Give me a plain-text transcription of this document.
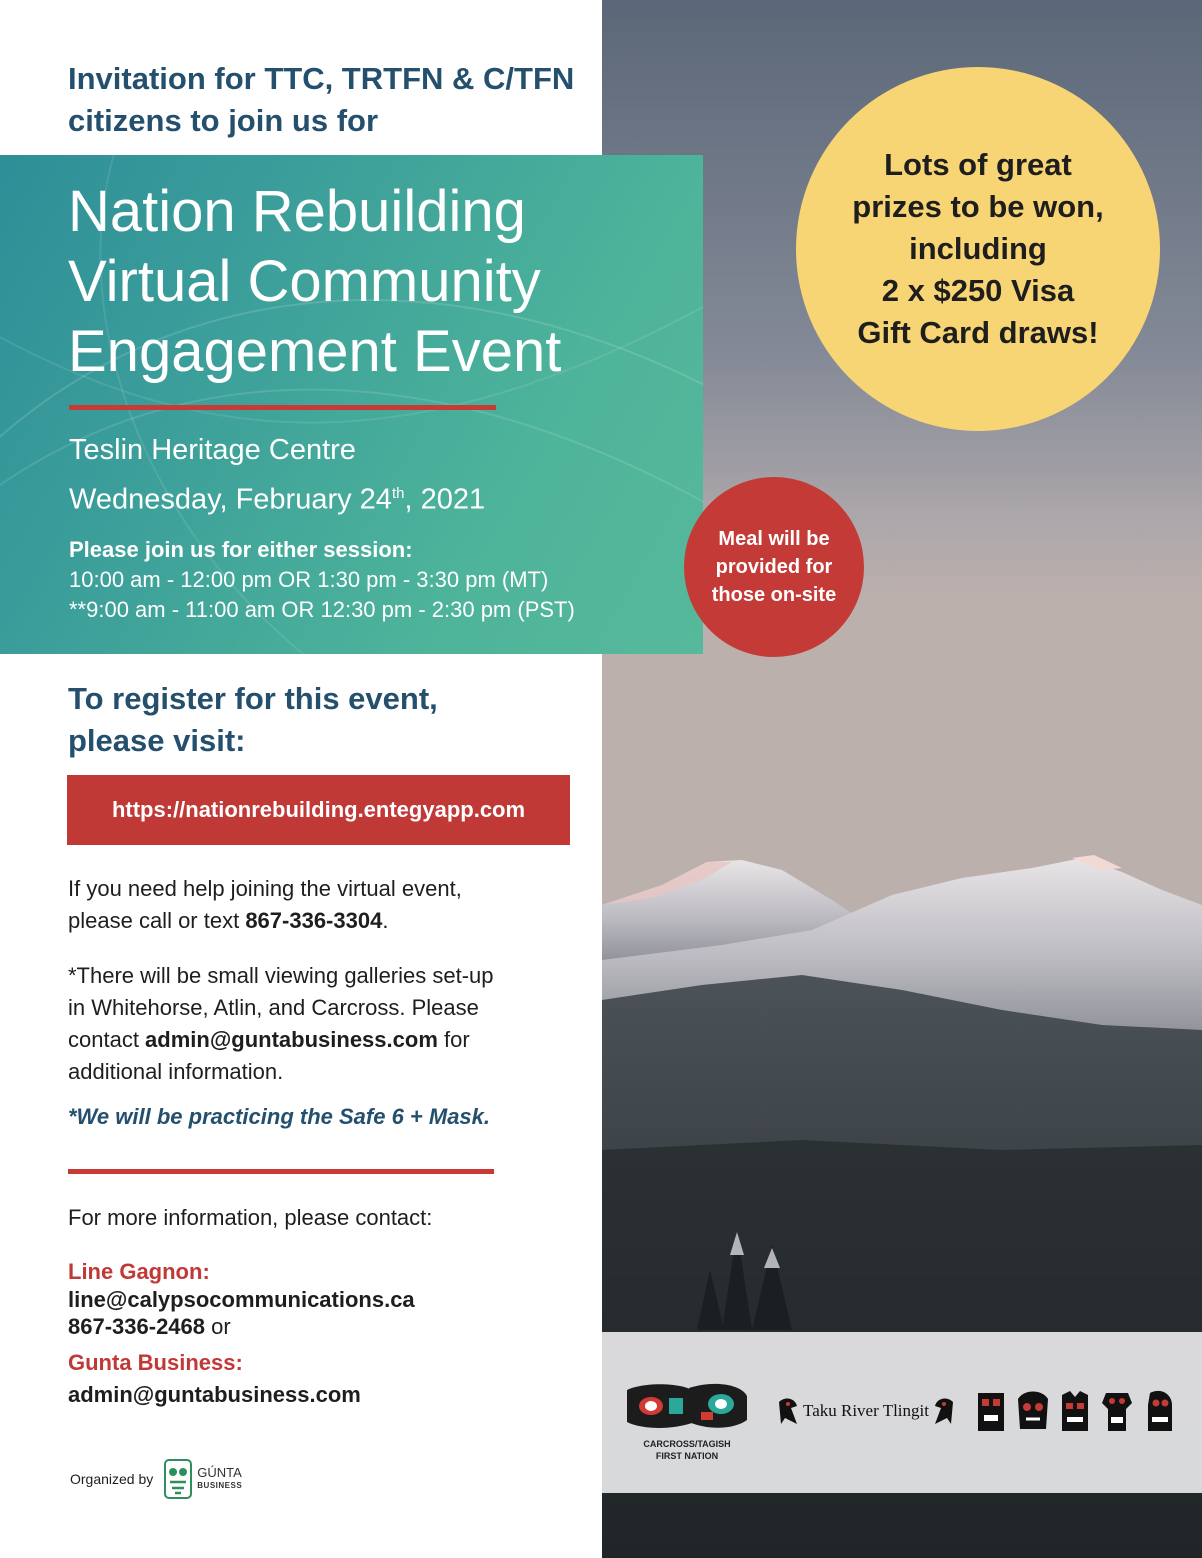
Invitation for TTC, TRTFN & C/TFN citizens to join us for
Nation Rebuilding
Virtual Community
Engagement Event
Teslin Heritage Centre
Wednesday, February 24th, 2021
Please join us for either session:
10:00 am - 12:00 pm OR 1:30 pm - 3:30 pm (MT)
**9:00 am - 11:00 am OR 12:30 pm - 2:30 pm (PST)
Lots of great
prizes to be won,
including
2 x $250 Visa
Gift Card draws!
Meal will be
provided for
those on-site
To register for this event,
please visit:
https://nationrebuilding.entegyapp.com

If you need help joining the virtual event,
please call or text 867-336-3304.

*There will be small viewing galleries set-up
in Whitehorse, Atlin, and Carcross. Please
contact admin@guntabusiness.com for
additional information.

*We will be practicing the Safe 6 + Mask.
For more information, please contact:
Line Gagnon:
line@calypsocommunications.ca
867-336-2468 or
Gunta Business:
admin@guntabusiness.com
Organized by	GÚNTA
BUSINESS
CARCROSS/TAGISH
FIRST NATION
Taku River Tlingit
